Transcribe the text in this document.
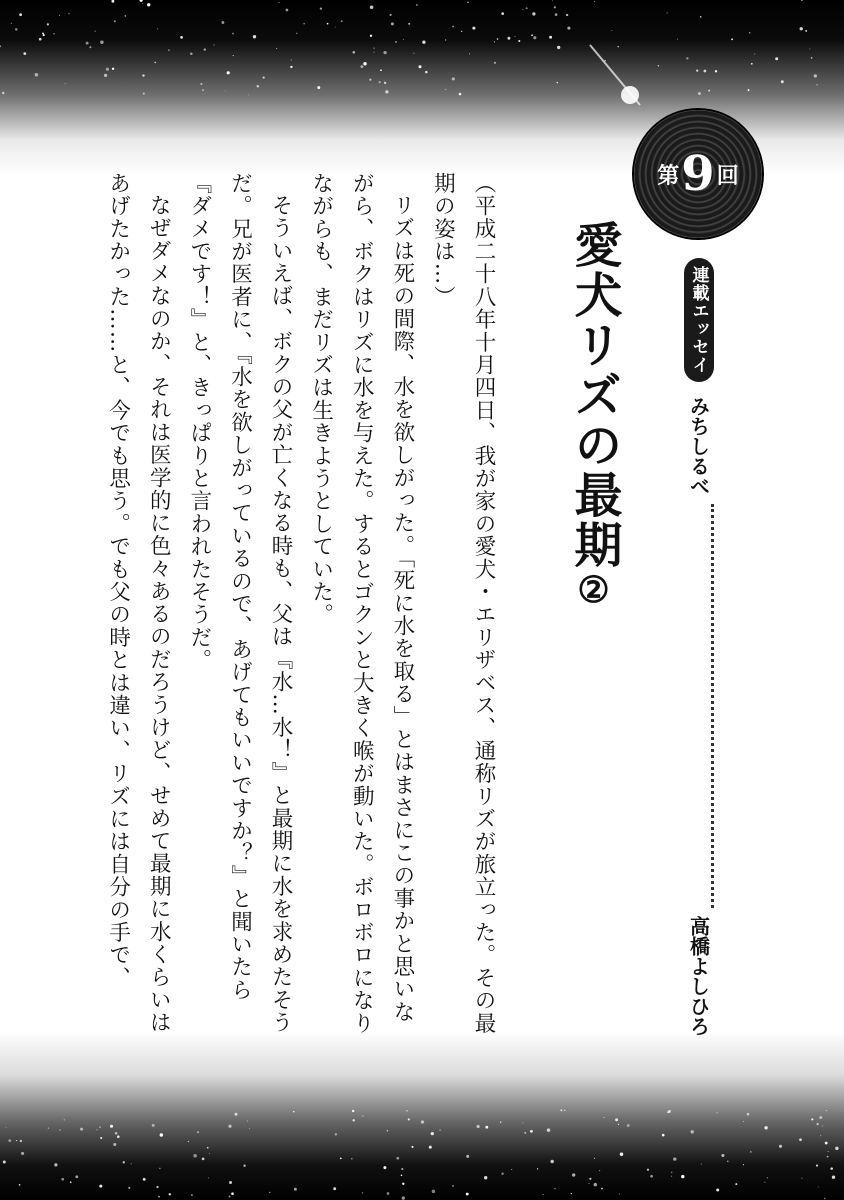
第 9 回
連載エッセイ
みちしるべ
高橋よしひろ
愛犬リズの最期②

（平成二十八年十月四日、我が家の愛犬・エリザベス、通称リズが旅立った。その最期の姿は…）

リズは死の間際、水を欲しがった。「死に水を取る」とはまさにこの事かと思いながら、ボクはリズに水を与えた。するとゴクンと大きく喉が動いた。ボロボロになりながらも、まだリズは生きようとしていた。

そういえば、ボクの父が亡くなる時も、父は『水…水！』と最期に水を求めたそうだ。兄が医者に、『水を欲しがっているので、あげてもいいですか？』と聞いたら『ダメです！』と、きっぱりと言われたそうだ。

なぜダメなのか、それは医学的に色々あるのだろうけど、せめて最期に水くらいはあげたかった……と、今でも思う。でも父の時とは違い、リズには自分の手で、
